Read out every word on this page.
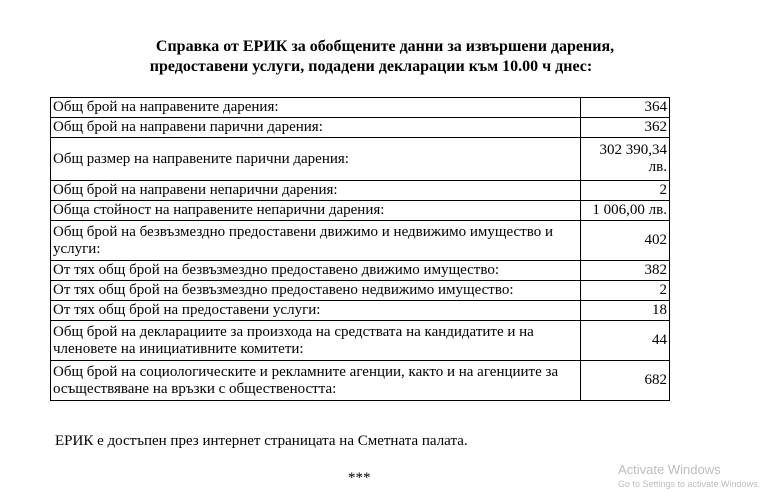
Справка от ЕРИК за обобщените данни за извършени дарения,
предоставени услуги, подадени декларации към 10.00 ч днес:
Общ брой на направените дарения:	364
Общ брой на направени парични дарения:	362
Общ размер на направените парични дарения:	302 390,34 лв.
Общ брой на направени непарични дарения:	2
Обща стойност на направените непарични дарения:	1 006,00 лв.
Общ брой на безвъзмездно предоставени движимо и недвижимо имущество и услуги:	402
От тях общ брой на безвъзмездно предоставено движимо имущество:	382
От тях общ брой на безвъзмездно предоставено недвижимо имущество:	2
От тях общ брой на предоставени услуги:	18
Общ брой на декларациите за произхода на средствата на кандидатите и на членовете на инициативните комитети:	44
Общ брой на социологическите и рекламните агенции, както и на агенциите за осъществяване на връзки с обществеността:	682
ЕРИК е достъпен през интернет страницата на Сметната палата.
***
Activate Windows
Go to Settings to activate Windows.
